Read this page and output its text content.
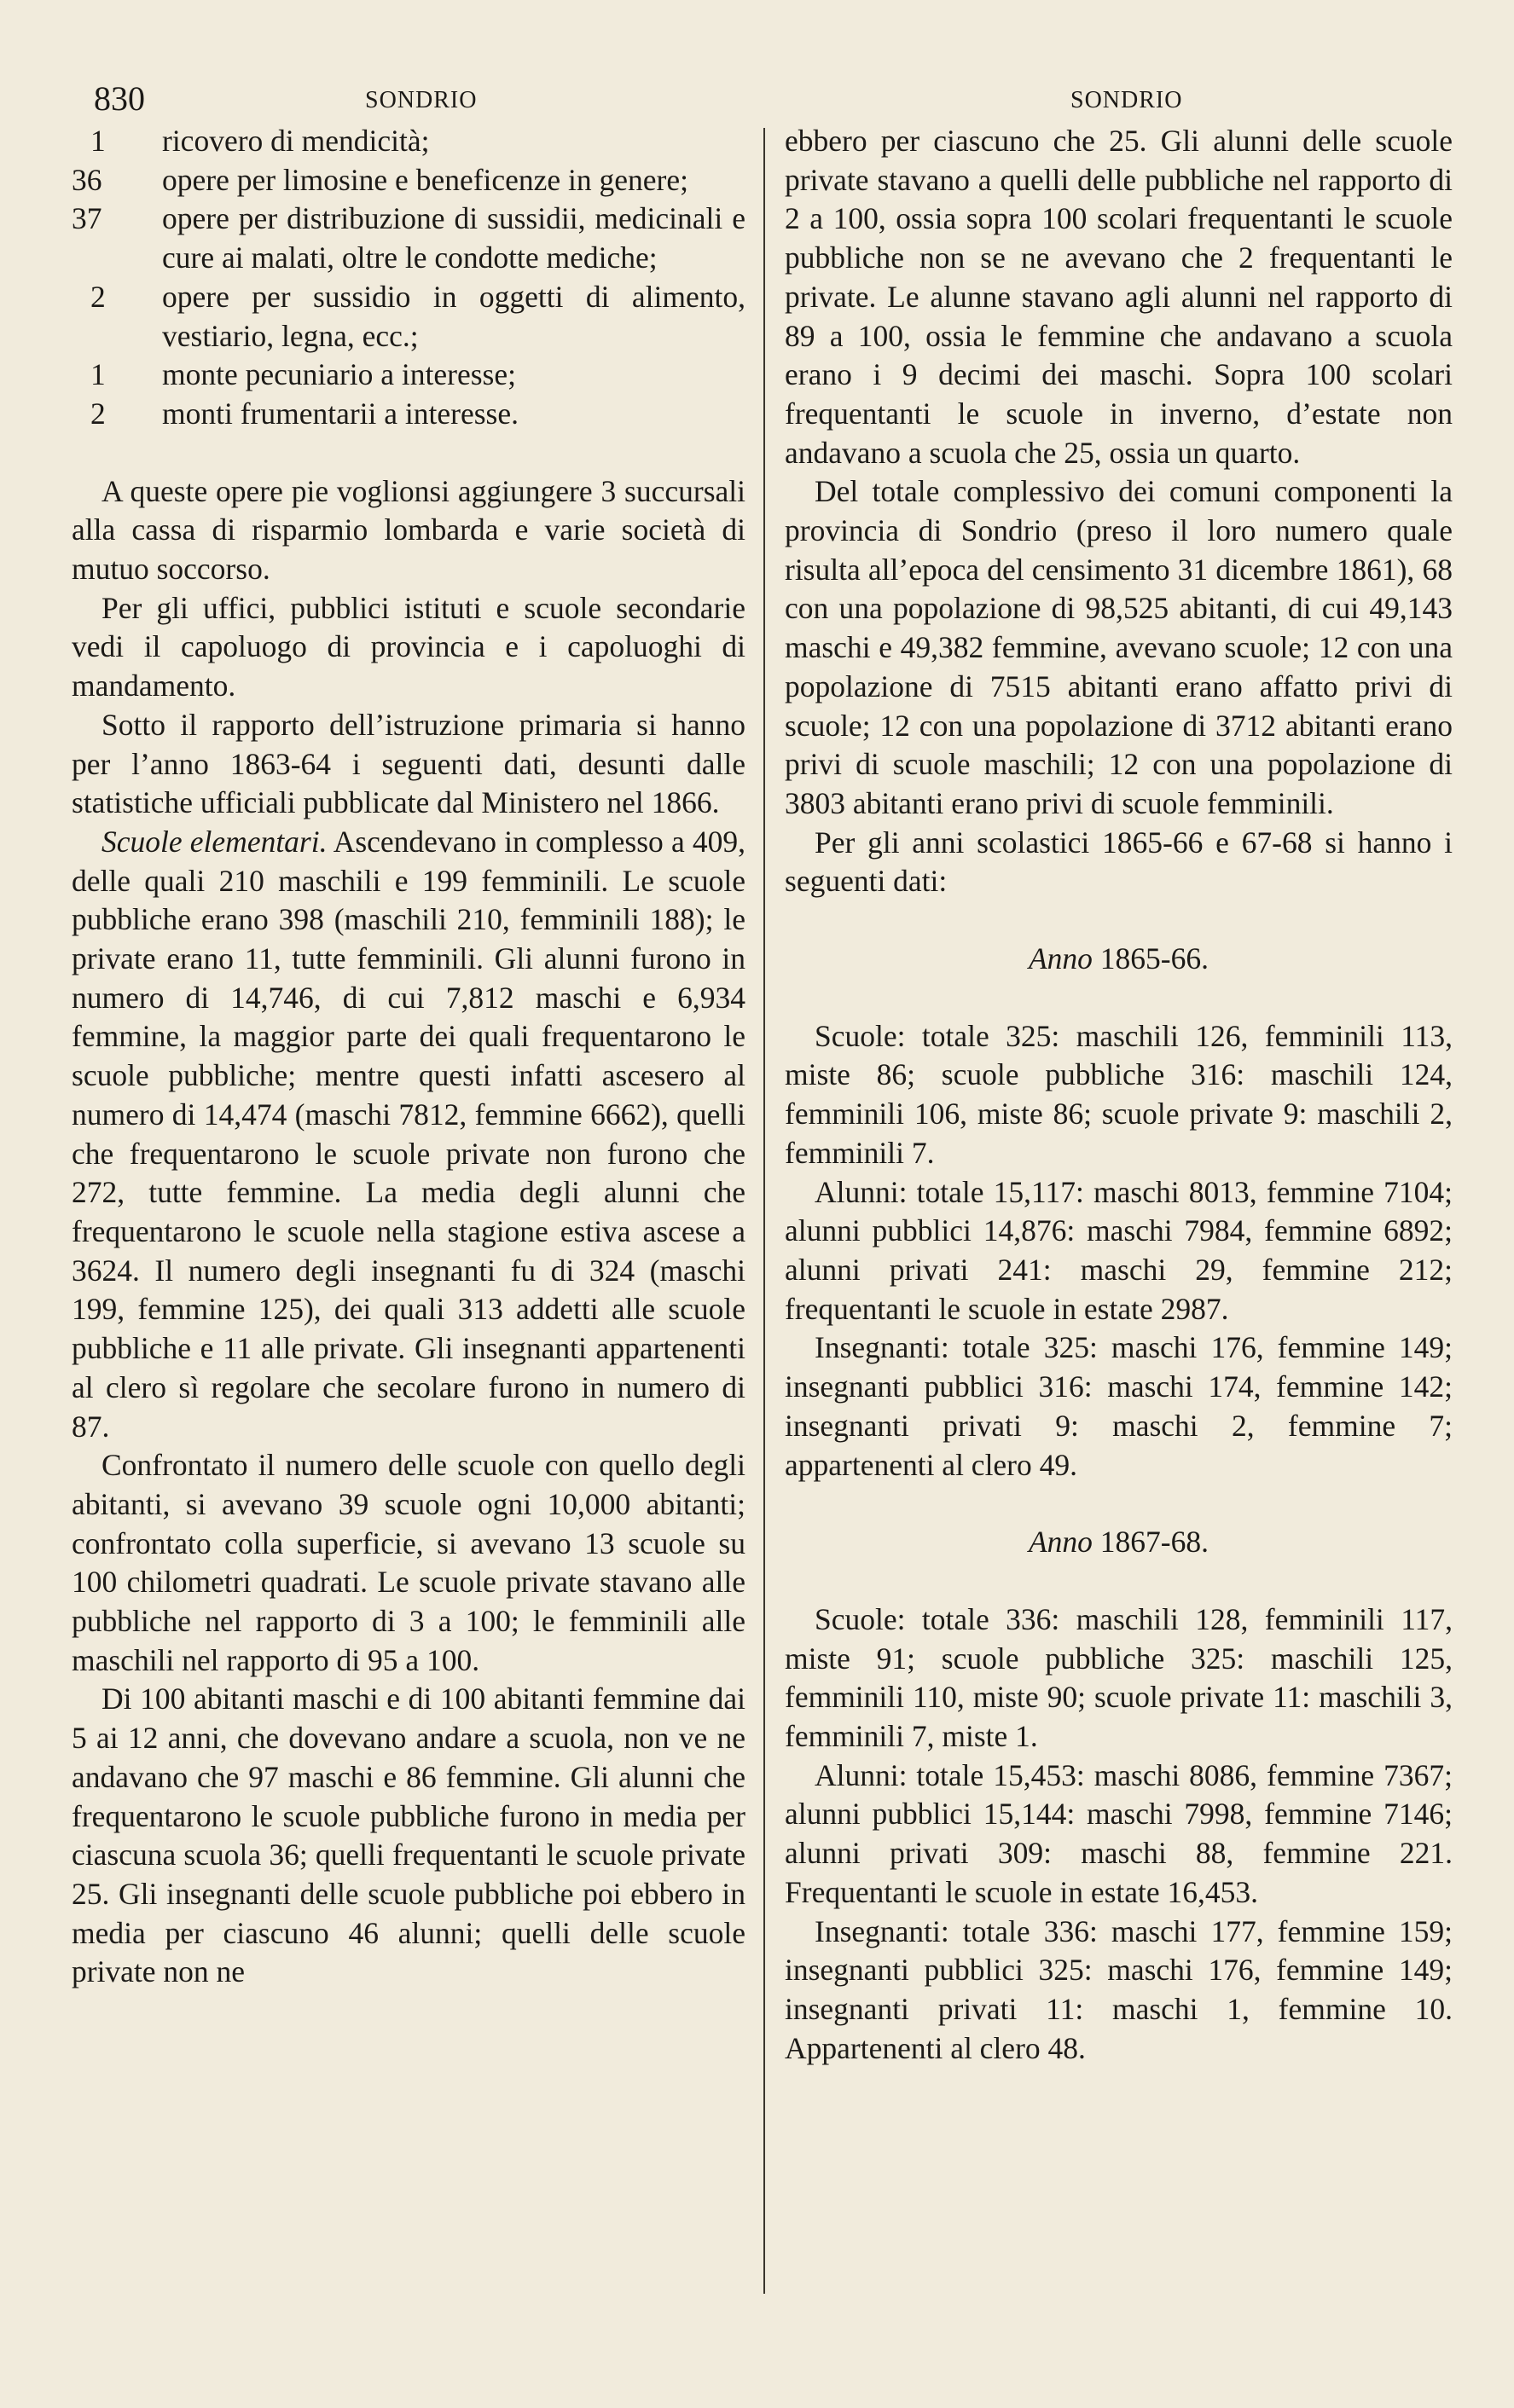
830	SONDRIO	SONDRIO
1	ricovero di mendicità;
36	opere per limosine e beneficenze in genere;
37	opere per distribuzione di sussidii, medicinali e cure ai malati, oltre le condotte mediche;
2	opere per sussidio in oggetti di alimento, vestiario, legna, ecc.;
1	monte pecuniario a interesse;
2	monti frumentarii a interesse.

A queste opere pie voglionsi aggiungere 3 succursali alla cassa di risparmio lombarda e varie società di mutuo soccorso.

Per gli uffici, pubblici istituti e scuole secondarie vedi il capoluogo di provincia e i capoluoghi di mandamento.

Sotto il rapporto dell’istruzione primaria si hanno per l’anno 1863-64 i seguenti dati, desunti dalle statistiche ufficiali pubblicate dal Ministero nel 1866.

Scuole elementari. Ascendevano in complesso a 409, delle quali 210 maschili e 199 femminili. Le scuole pubbliche erano 398 (maschili 210, femminili 188); le private erano 11, tutte femminili. Gli alunni furono in numero di 14,746, di cui 7,812 maschi e 6,934 femmine, la maggior parte dei quali frequentarono le scuole pubbliche; mentre questi infatti ascesero al numero di 14,474 (maschi 7812, femmine 6662), quelli che frequentarono le scuole private non furono che 272, tutte femmine. La media degli alunni che frequentarono le scuole nella stagione estiva ascese a 3624. Il numero degli insegnanti fu di 324 (maschi 199, femmine 125), dei quali 313 addetti alle scuole pubbliche e 11 alle private. Gli insegnanti appartenenti al clero sì regolare che secolare furono in numero di 87.

Confrontato il numero delle scuole con quello degli abitanti, si avevano 39 scuole ogni 10,000 abitanti; confrontato colla superficie, si avevano 13 scuole su 100 chilometri quadrati. Le scuole private stavano alle pubbliche nel rapporto di 3 a 100; le femminili alle maschili nel rapporto di 95 a 100.

Di 100 abitanti maschi e di 100 abitanti femmine dai 5 ai 12 anni, che dovevano andare a scuola, non ve ne andavano che 97 maschi e 86 femmine. Gli alunni che frequentarono le scuole pubbliche furono in media per ciascuna scuola 36; quelli frequentanti le scuole private 25. Gli insegnanti delle scuole pubbliche poi ebbero in media per ciascuno 46 alunni; quelli delle scuole private non ne

ebbero per ciascuno che 25. Gli alunni delle scuole private stavano a quelli delle pubbliche nel rapporto di 2 a 100, ossia sopra 100 scolari frequentanti le scuole pubbliche non se ne avevano che 2 frequentanti le private. Le alunne stavano agli alunni nel rapporto di 89 a 100, ossia le femmine che andavano a scuola erano i 9 decimi dei maschi. Sopra 100 scolari frequentanti le scuole in inverno, d’estate non andavano a scuola che 25, ossia un quarto.

Del totale complessivo dei comuni componenti la provincia di Sondrio (preso il loro numero quale risulta all’epoca del censimento 31 dicembre 1861), 68 con una popolazione di 98,525 abitanti, di cui 49,143 maschi e 49,382 femmine, avevano scuole; 12 con una popolazione di 7515 abitanti erano affatto privi di scuole; 12 con una popolazione di 3712 abitanti erano privi di scuole maschili; 12 con una popolazione di 3803 abitanti erano privi di scuole femminili.

Per gli anni scolastici 1865-66 e 67-68 si hanno i seguenti dati:

Anno 1865-66.

Scuole: totale 325: maschili 126, femminili 113, miste 86; scuole pubbliche 316: maschili 124, femminili 106, miste 86; scuole private 9: maschili 2, femminili 7.

Alunni: totale 15,117: maschi 8013, femmine 7104; alunni pubblici 14,876: maschi 7984, femmine 6892; alunni privati 241: maschi 29, femmine 212; frequentanti le scuole in estate 2987.

Insegnanti: totale 325: maschi 176, femmine 149; insegnanti pubblici 316: maschi 174, femmine 142; insegnanti privati 9: maschi 2, femmine 7; appartenenti al clero 49.

Anno 1867-68.

Scuole: totale 336: maschili 128, femminili 117, miste 91; scuole pubbliche 325: maschili 125, femminili 110, miste 90; scuole private 11: maschili 3, femminili 7, miste 1.

Alunni: totale 15,453: maschi 8086, femmine 7367; alunni pubblici 15,144: maschi 7998, femmine 7146; alunni privati 309: maschi 88, femmine 221. Frequentanti le scuole in estate 16,453.

Insegnanti: totale 336: maschi 177, femmine 159; insegnanti pubblici 325: maschi 176, femmine 149; insegnanti privati 11: maschi 1, femmine 10. Appartenenti al clero 48.
